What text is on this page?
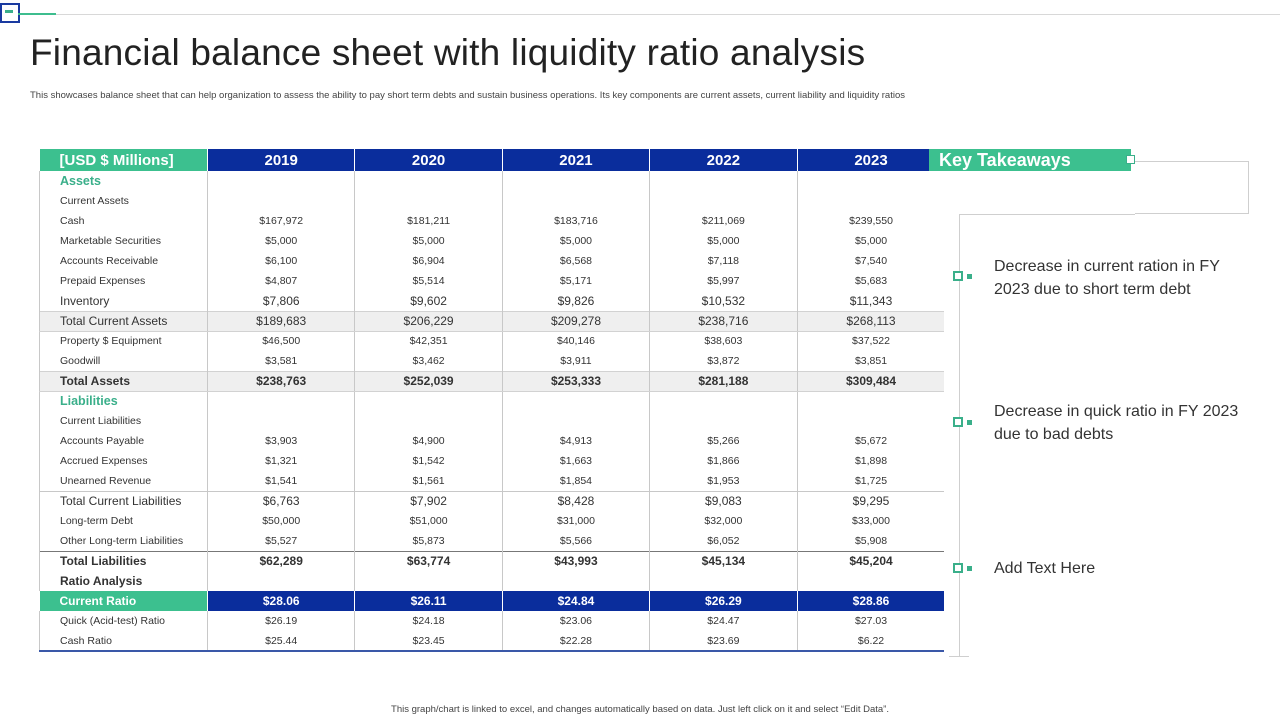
Financial balance sheet with liquidity ratio analysis
This showcases balance sheet that can help organization to assess the ability to pay short term debts and sustain business operations. Its key components are current assets, current liability and liquidity ratios
[USD $ Millions]	2019	2020	2021	2022	2023
Assets					
Current Assets					
Cash	$167,972	$181,211	$183,716	$211,069	$239,550
Marketable Securities	$5,000	$5,000	$5,000	$5,000	$5,000
Accounts Receivable	$6,100	$6,904	$6,568	$7,118	$7,540
Prepaid Expenses	$4,807	$5,514	$5,171	$5,997	$5,683
Inventory	$7,806	$9,602	$9,826	$10,532	$11,343
Total Current Assets	$189,683	$206,229	$209,278	$238,716	$268,113
Property $ Equipment	$46,500	$42,351	$40,146	$38,603	$37,522
Goodwill	$3,581	$3,462	$3,911	$3,872	$3,851
Total Assets	$238,763	$252,039	$253,333	$281,188	$309,484
Liabilities					
Current Liabilities					
Accounts Payable	$3,903	$4,900	$4,913	$5,266	$5,672
Accrued Expenses	$1,321	$1,542	$1,663	$1,866	$1,898
Unearned Revenue	$1,541	$1,561	$1,854	$1,953	$1,725
Total Current Liabilities	$6,763	$7,902	$8,428	$9,083	$9,295
Long-term Debt	$50,000	$51,000	$31,000	$32,000	$33,000
Other Long-term Liabilities	$5,527	$5,873	$5,566	$6,052	$5,908
Total Liabilities	$62,289	$63,774	$43,993	$45,134	$45,204
Ratio Analysis					
Current Ratio	$28.06	$26.11	$24.84	$26.29	$28.86
Quick (Acid-test) Ratio	$26.19	$24.18	$23.06	$24.47	$27.03
Cash Ratio	$25.44	$23.45	$22.28	$23.69	$6.22
Key Takeaways
Decrease in current ration in FY 2023 due to short term debt
Decrease in quick ratio in FY 2023 due to bad debts
Add Text Here
This graph/chart is linked to excel, and changes automatically based on data. Just left click on it and select “Edit Data”.
